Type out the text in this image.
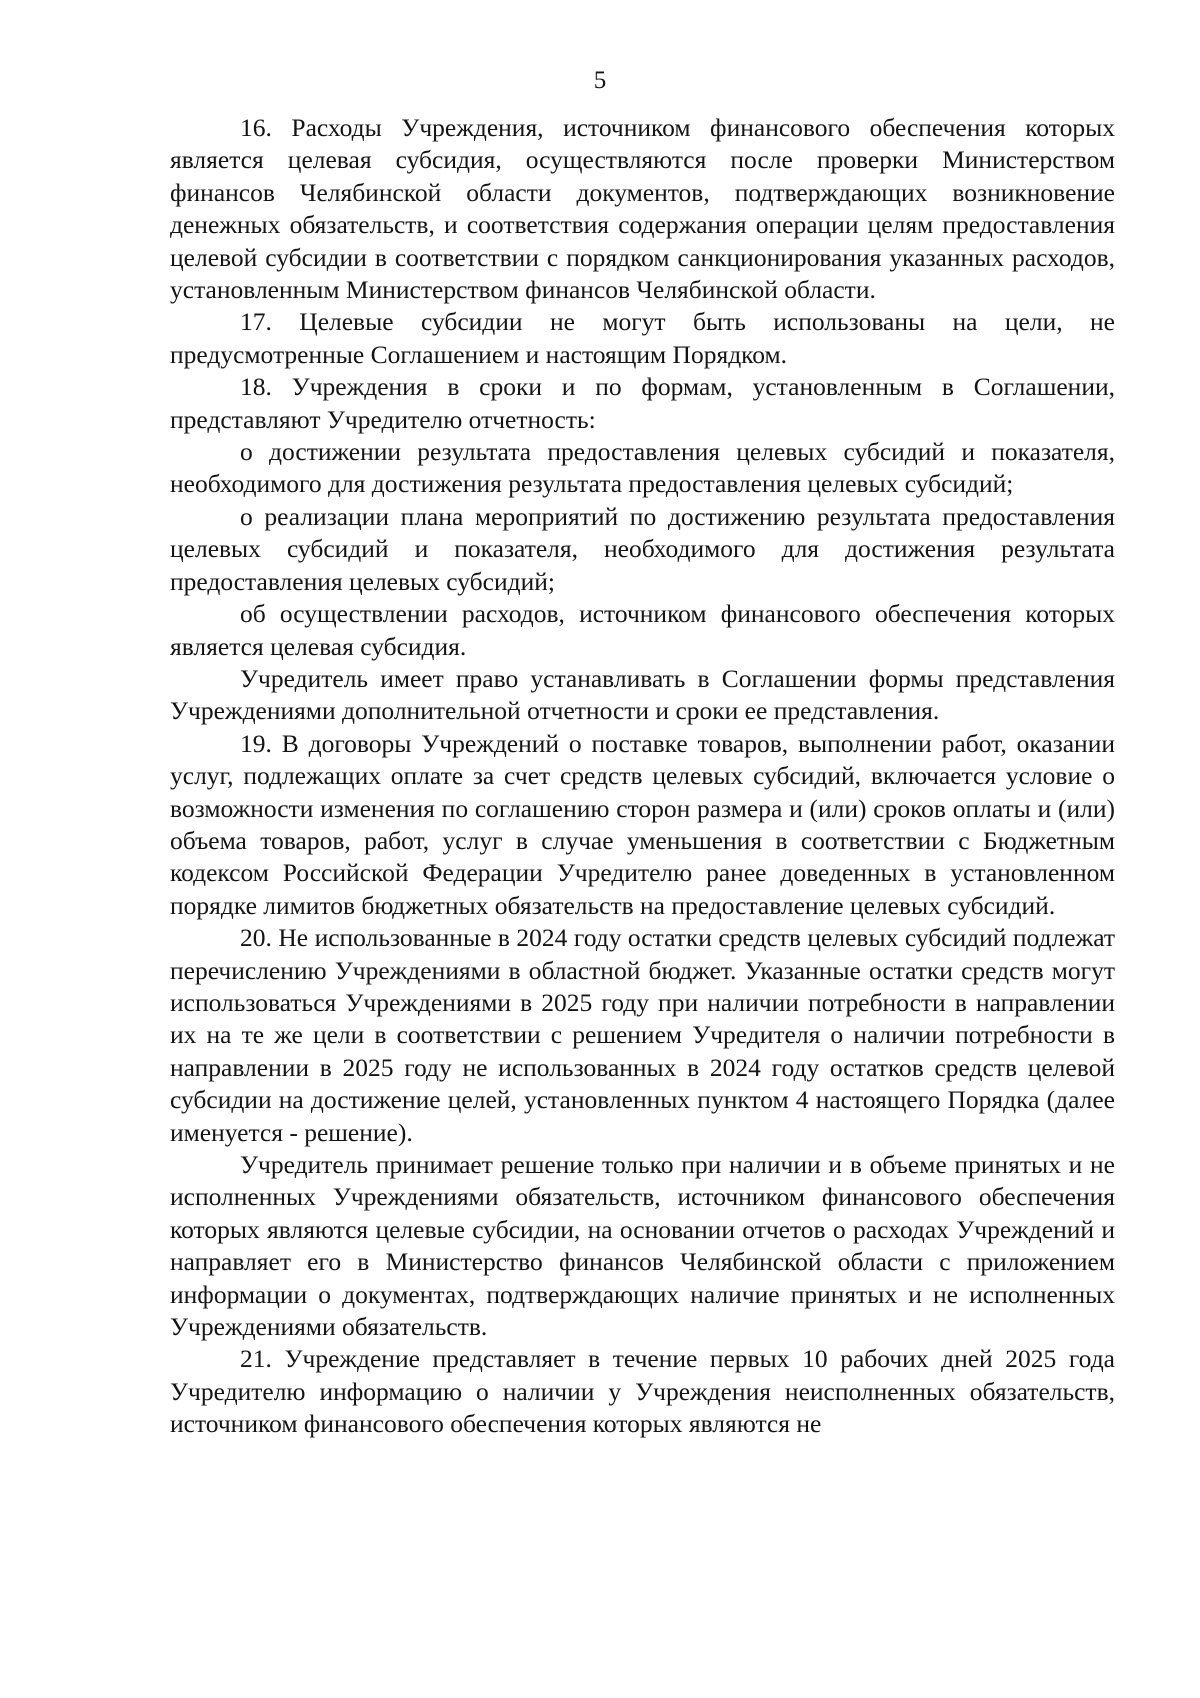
5

16. Расходы Учреждения, источником финансового обеспечения которых является целевая субсидия, осуществляются после проверки Министерством финансов Челябинской области документов, подтверждающих возникновение денежных обязательств, и соответствия содержания операции целям предоставления целевой субсидии в соответствии с порядком санкционирования указанных расходов, установленным Министерством финансов Челябинской области.

17. Целевые субсидии не могут быть использованы на цели, не предусмотренные Соглашением и настоящим Порядком.

18. Учреждения в сроки и по формам, установленным в Соглашении, представляют Учредителю отчетность:

о достижении результата предоставления целевых субсидий и показателя, необходимого для достижения результата предоставления целевых субсидий;

о реализации плана мероприятий по достижению результата предоставления целевых субсидий и показателя, необходимого для достижения результата предоставления целевых субсидий;

об осуществлении расходов, источником финансового обеспечения которых является целевая субсидия.

Учредитель имеет право устанавливать в Соглашении формы представления Учреждениями дополнительной отчетности и сроки ее представления.

19. В договоры Учреждений о поставке товаров, выполнении работ, оказании услуг, подлежащих оплате за счет средств целевых субсидий, включается условие о возможности изменения по соглашению сторон размера и (или) сроков оплаты и (или) объема товаров, работ, услуг в случае уменьшения в соответствии с Бюджетным кодексом Российской Федерации Учредителю ранее доведенных в установленном порядке лимитов бюджетных обязательств на предоставление целевых субсидий.

20. Не использованные в 2024 году остатки средств целевых субсидий подлежат перечислению Учреждениями в областной бюджет. Указанные остатки средств могут использоваться Учреждениями в 2025 году при наличии потребности в направлении их на те же цели в соответствии с решением Учредителя о наличии потребности в направлении в 2025 году не использованных в 2024 году остатков средств целевой субсидии на достижение целей, установленных пунктом 4 настоящего Порядка (далее именуется - решение).

Учредитель принимает решение только при наличии и в объеме принятых и не исполненных Учреждениями обязательств, источником финансового обеспечения которых являются целевые субсидии, на основании отчетов о расходах Учреждений и направляет его в Министерство финансов Челябинской области с приложением информации о документах, подтверждающих наличие принятых и не исполненных Учреждениями обязательств.

21. Учреждение представляет в течение первых 10 рабочих дней 2025 года Учредителю информацию о наличии у Учреждения неисполненных обязательств, источником финансового обеспечения которых являются не
